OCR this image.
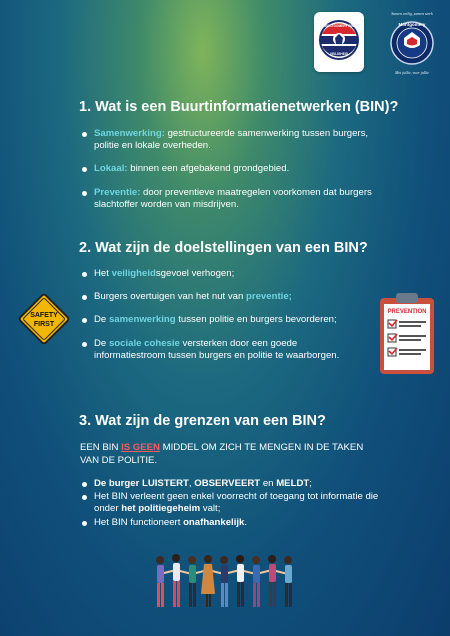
MONTGOMERY BIN
VEILIGHEID
Samen veilig, samen sterk
Montgomery
Met jullie, voor jullie
1. Wat is een Buurtinformatienetwerken (BIN)?
Samenwerking: gestructureerde samenwerking tussen burgers, politie en lokale overheden.
Lokaal: binnen een afgebakend grondgebied.
Preventie: door preventieve maatregelen voorkomen dat burgers slachtoffer worden van misdrijven.
2. Wat zijn de doelstellingen van een BIN?
Het veiligheidsgevoel verhogen;
Burgers overtuigen van het nut van preventie;
De samenwerking tussen politie en burgers bevorderen;
De sociale cohesie versterken door een goede informatiestroom tussen burgers en politie te waarborgen.
SAFETY
FIRST
PREVENTION
3. Wat zijn de grenzen van een BIN?
EEN BIN IS GEEN MIDDEL OM ZICH TE MENGEN IN DE TAKEN VAN DE POLITIE.
De burger LUISTERT, OBSERVEERT en MELDT;
Het BIN verleent geen enkel voorrecht of toegang tot informatie die onder het politiegeheim valt;
Het BIN functioneert onafhankelijk.
